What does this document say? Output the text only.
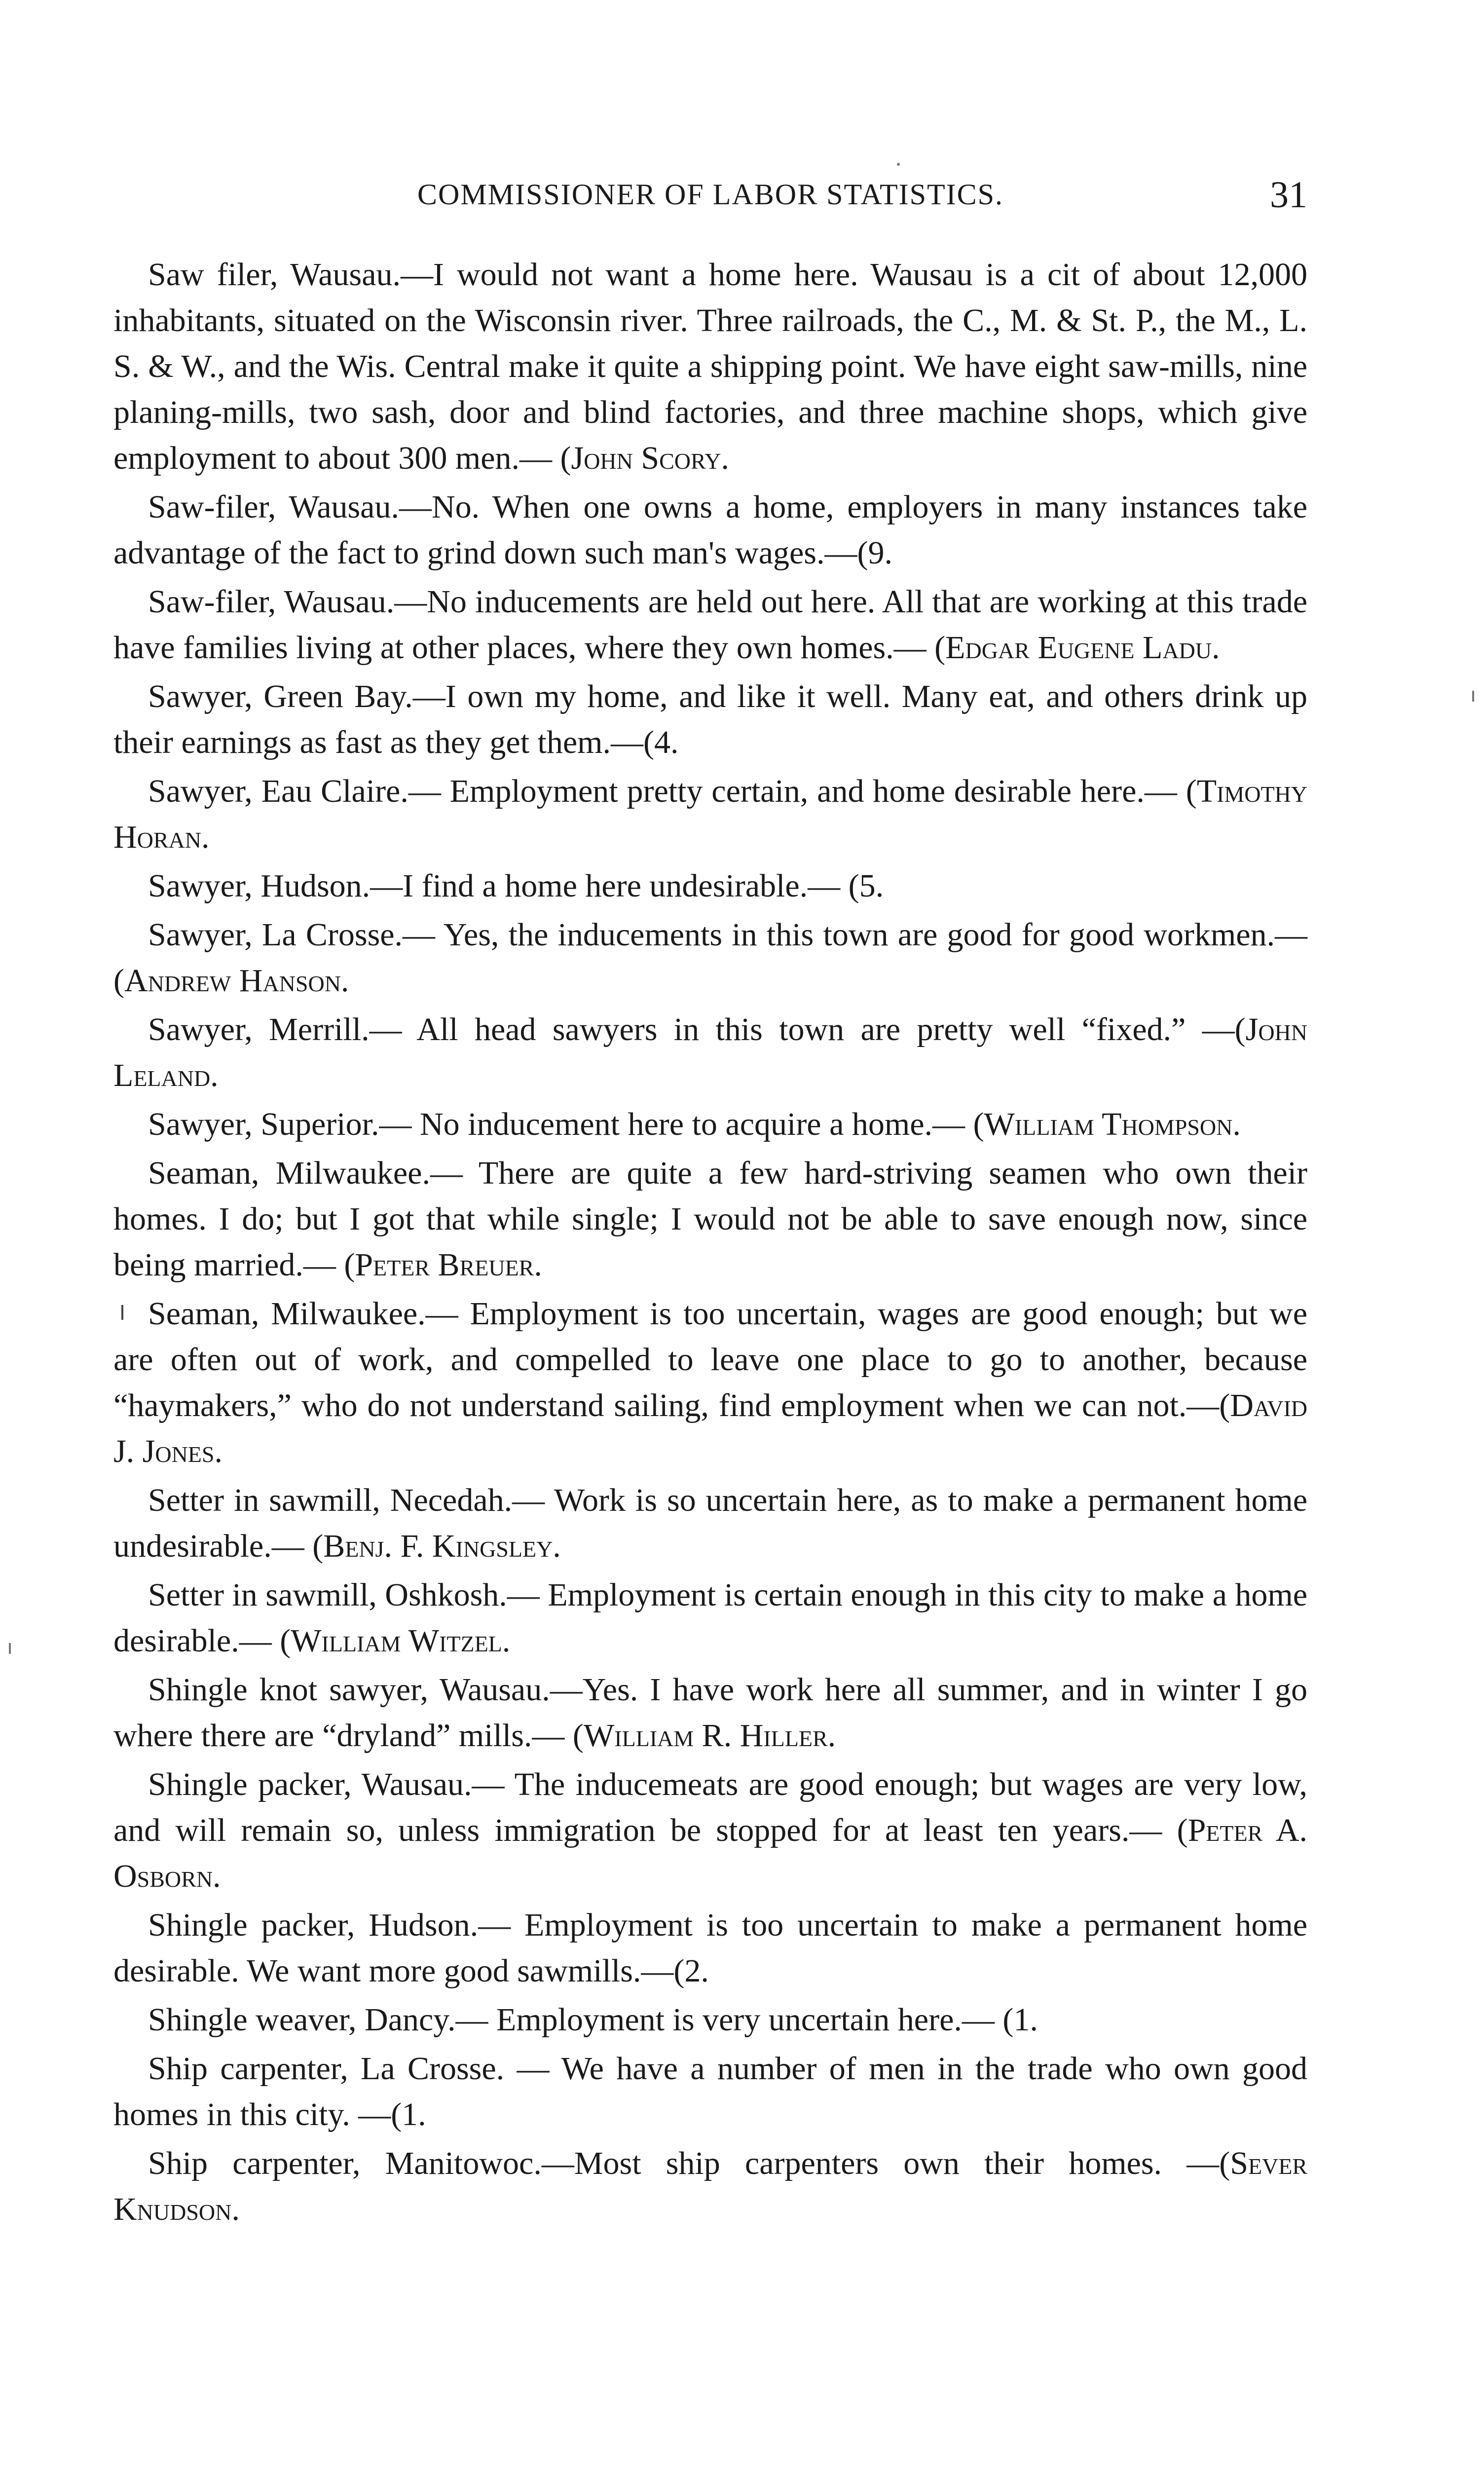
COMMISSIONER OF LABOR STATISTICS.	31

Saw filer, Wausau.—I would not want a home here. Wausau is a cit of about 12,000 inhabitants, situated on the Wisconsin river. Three railroads, the C., M. & St. P., the M., L. S. & W., and the Wis. Central make it quite a shipping point. We have eight saw-mills, nine planing-mills, two sash, door and blind factories, and three machine shops, which give employment to about 300 men.— (John Scory.

Saw-filer, Wausau.—No. When one owns a home, employers in many instances take advantage of the fact to grind down such man's wages.—(9.

Saw-filer, Wausau.—No inducements are held out here. All that are working at this trade have families living at other places, where they own homes.— (Edgar Eugene Ladu.

Sawyer, Green Bay.—I own my home, and like it well. Many eat, and others drink up their earnings as fast as they get them.—(4.

Sawyer, Eau Claire.— Employment pretty certain, and home desirable here.— (Timothy Horan.

Sawyer, Hudson.—I find a home here undesirable.— (5.

Sawyer, La Crosse.— Yes, the inducements in this town are good for good workmen.— (Andrew Hanson.

Sawyer, Merrill.— All head sawyers in this town are pretty well “fixed.” —(John Leland.

Sawyer, Superior.— No inducement here to acquire a home.— (William Thompson.

Seaman, Milwaukee.— There are quite a few hard-striving seamen who own their homes. I do; but I got that while single; I would not be able to save enough now, since being married.— (Peter Breuer.

Seaman, Milwaukee.— Employment is too uncertain, wages are good enough; but we are often out of work, and compelled to leave one place to go to another, because “haymakers,” who do not understand sailing, find employment when we can not.—(David J. Jones.

Setter in sawmill, Necedah.— Work is so uncertain here, as to make a permanent home undesirable.— (Benj. F. Kingsley.

Setter in sawmill, Oshkosh.— Employment is certain enough in this city to make a home desirable.— (William Witzel.

Shingle knot sawyer, Wausau.—Yes. I have work here all summer, and in winter I go where there are “dryland” mills.— (William R. Hiller.

Shingle packer, Wausau.— The inducemeats are good enough; but wages are very low, and will remain so, unless immigration be stopped for at least ten years.— (Peter A. Osborn.

Shingle packer, Hudson.— Employment is too uncertain to make a permanent home desirable. We want more good sawmills.—(2.

Shingle weaver, Dancy.— Employment is very uncertain here.— (1.

Ship carpenter, La Crosse. — We have a number of men in the trade who own good homes in this city. —(1.

Ship carpenter, Manitowoc.—Most ship carpenters own their homes. —(Sever Knudson.
